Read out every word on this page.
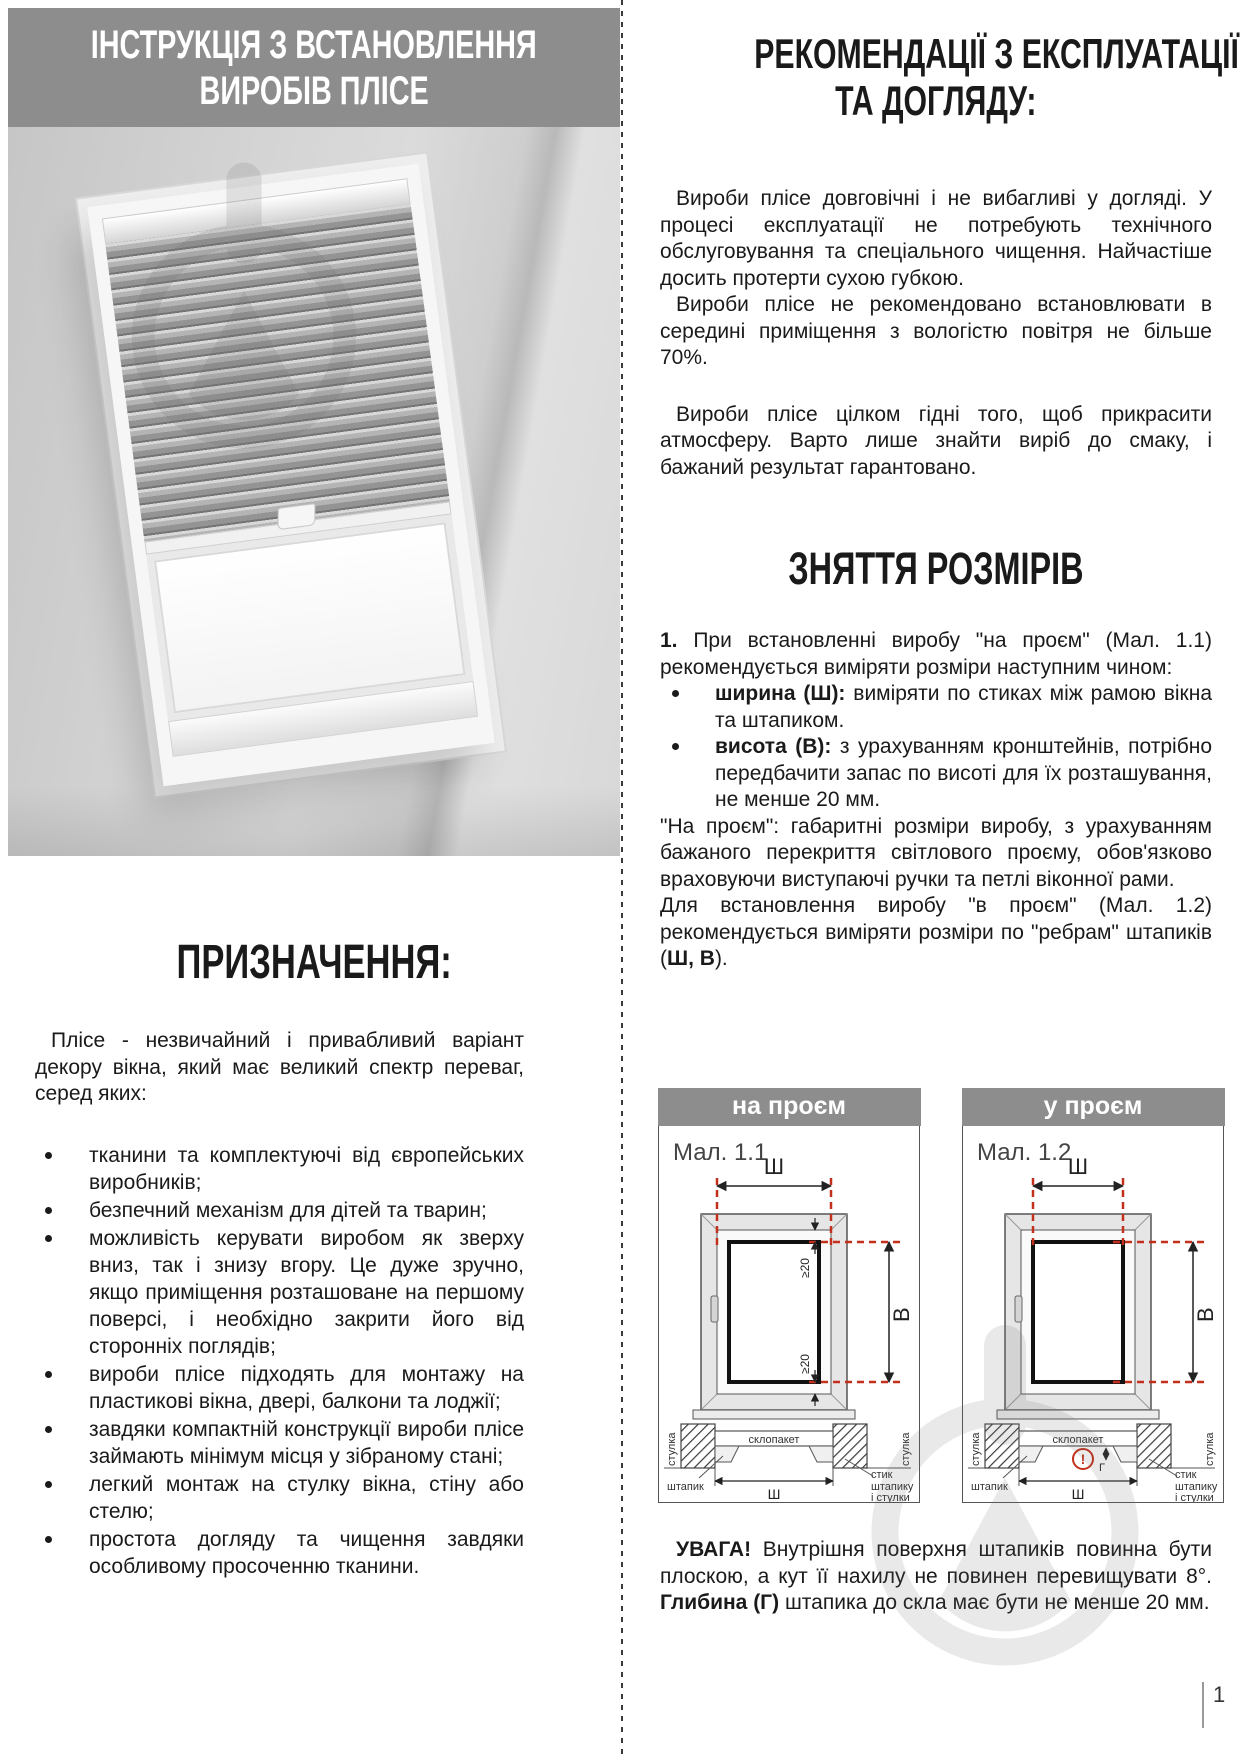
ІНСТРУКЦІЯ З ВСТАНОВЛЕННЯ
ВИРОБІВ ПЛІСЕ
ПРИЗНАЧЕННЯ:

Плісе - незвичайний і привабливий варіант декору вікна, який має великий спектр переваг, серед яких:

тканини та комплектуючі від європейських виробників;
безпечний механізм для дітей та тварин;
можливість керувати виробом як зверху вниз, так і знизу вгору. Це дуже зручно, якщо приміщення розташоване на першому поверсі, і необхідно закрити його від сторонніх поглядів;
вироби плісе підходять для монтажу на пластикові вікна, двері, балкони та лоджії;
завдяки компактній конструкції вироби плісе займають мінімум місця у зібраному стані;
легкий монтаж на стулку вікна, стіну або стелю;
простота догляду та чищення завдяки особливому просоченню тканини.
РЕКОМЕНДАЦІЇ З ЕКСПЛУАТАЦІЇ
ТА ДОГЛЯДУ:

Вироби плісе довговічні і не вибагливі у догляді. У процесі експлуатації не потребують технічного обслуговування та спеціального чищення. Найчастіше досить протерти сухою губкою.

Вироби плісе не рекомендовано встановлювати в середині приміщення з вологістю повітря не більше 70%.

Вироби плісе цілком гідні того, щоб прикрасити атмосферу. Варто лише знайти виріб до смаку, і бажаний результат гарантовано.

ЗНЯТТЯ РОЗМІРІВ

1. При встановленні виробу "на проєм" (Мал. 1.1) рекомендується виміряти розміри наступним чином:

ширина (Ш): виміряти по стиках між рамою вікна та штапиком.
висота (В): з урахуванням кронштейнів, потрібно передбачити запас по висоті для їх розташування, не менше 20 мм.

"На проєм": габаритні розміри виробу, з урахуванням бажаного перекриття світлового проєму, обов'язково враховуючи виступаючі ручки та петлі віконної рами.

Для встановлення виробу "в проєм" (Мал. 1.2) рекомендується виміряти розміри по "ребрам" штапиків (Ш, В).

на проєм
Мал. 1.1
Ш
В
≥20
≥20
склопакет
Ш
стулка	стулка
штапик
стик
штапику
і стулки
у проєм
Мал. 1.2
Ш
В
склопакет
!
Г
Ш
стулка	стулка
штапик
стик
штапику
і стулки

УВАГА! Внутрішня поверхня штапиків повинна бути плоскою, а кут її нахилу не повинен перевищувати 8°. Глибина (Г) штапика до скла має бути не менше 20 мм.

1
